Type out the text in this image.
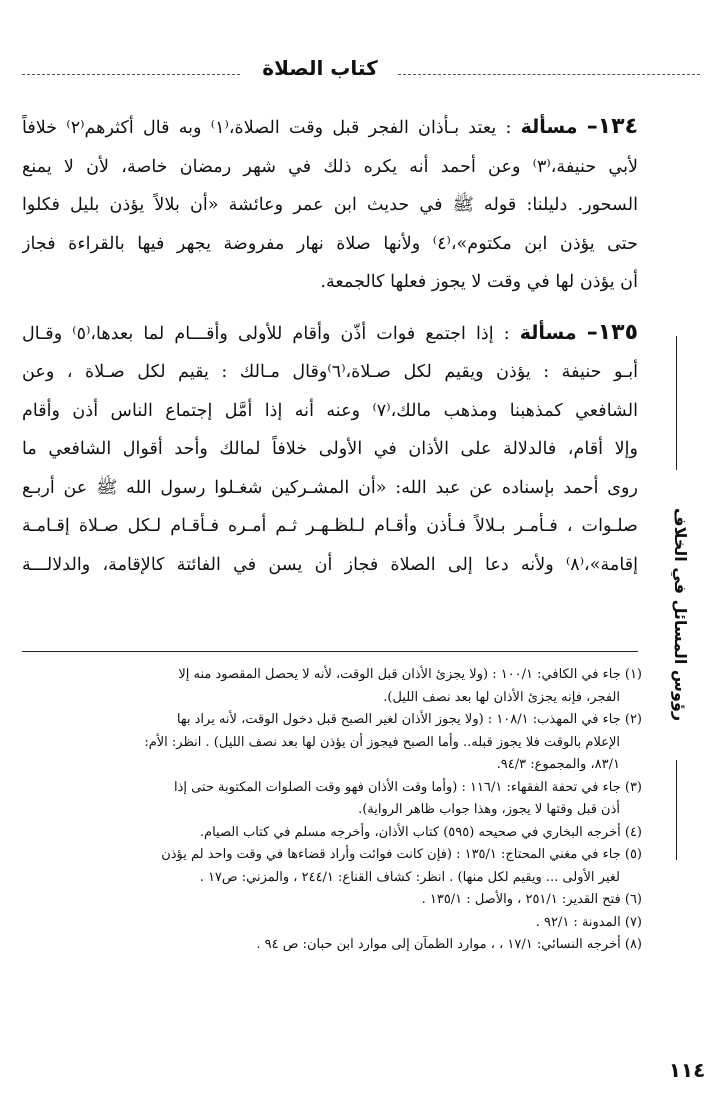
كتاب الصلاة
١٣٤– مسألة : يعتد بـأذان الفجر قبل وقت الصلاة،⁽١⁾ وبه قال أكثرهم⁽٢⁾ خلافاً
لأبي حنيفة،⁽٣⁾ وعن أحمد أنه يكره ذلك في شهر رمضان خاصة، لأن لا يمنع
السحور. دليلنا: قوله ﷺ في حديث ابن عمر وعائشة «أن بلالاً يؤذن بليل فكلوا
حتى يؤذن ابن مكتوم»،⁽٤⁾ ولأنها صلاة نهار مفروضة يجهر فيها بالقراءة فجاز
أن يؤذن لها في وقت لا يجوز فعلها كالجمعة.
١٣٥– مسألة : إذا اجتمع فوات أذّن وأقام للأولى وأقـــام لما بعدها،⁽٥⁾ وقـال
أبـو حنيفة : يؤذن ويقيم لكل صـلاة،⁽٦⁾وقال مـالك : يقيم لكل صـلاة ، وعن
الشافعي كمذهبنا ومذهب مالك،⁽٧⁾ وعنه أنه إذا أمَّل إجتماع الناس أذن وأقام
وإلا أقام، فالدلالة على الأذان في الأولى خلافاً لمالك وأحد أقوال الشافعي ما
روى أحمد بإسناده عن عبد الله: «أن المشـركين شغـلوا رسول الله ﷺ عن أربـع
صلـوات ، فـأمـر بـلالاً فـأذن وأقـام لـلظـهـر ثـم أمـره فـأقـام لـكل صـلاة إقـامـة
إقامة»،⁽٨⁾ ولأنه دعا إلى الصلاة فجاز أن يسن في الفائتة كالإقامة، والدلالـــة	رؤوس المسائل في الخلاف
(١) جاء في الكافي: ١٠٠/١ : (ولا يجزئ الأذان قبل الوقت، لأنه لا يحصل المقصود منه إلا
الفجر، فإنه يجزئ الأذان لها بعد نصف الليل).
(٢) جاء في المهذب: ١٠٨/١ : (ولا يجوز الأذان لغير الصبح قبل دخول الوقت، لأنه يراد بها
الإعلام بالوقت فلا يجوز قبله.. وأما الصبح فيجوز أن يؤذن لها بعد نصف الليل) . انظر: الأم:
٨٣/١، والمجموع: ٩٤/٣.
(٣) جاء في تحفة الفقهاء: ١١٦/١ : (وأما وقت الأذان فهو وقت الصلوات المكتوبة حتى إذا
أذن قبل وقتها لا يجوز، وهذا جواب ظاهر الرواية).
(٤) أخرجه البخاري في صحيحه (٥٩٥) كتاب الأذان، وأخرجه مسلم في كتاب الصيام.
(٥) جاء في مغني المحتاج: ١٣٥/١ : (فإن كانت فوائت وأراد قضاءها في وقت واحد لم يؤذن
لغير الأولى ... ويقيم لكل منها) . انظر: كشاف القناع: ٢٤٤/١ ، والمزني: ص١٧ .
(٦) فتح القدير: ٢٥١/١ ، والأصل : ١٣٥/١ .
(٧) المدونة : ٩٢/١ .
(٨) أخرجه النسائي: ١٧/١ ، ، موارد الظمآن إلى موارد ابن حبان: ص ٩٤ .
١١٤
